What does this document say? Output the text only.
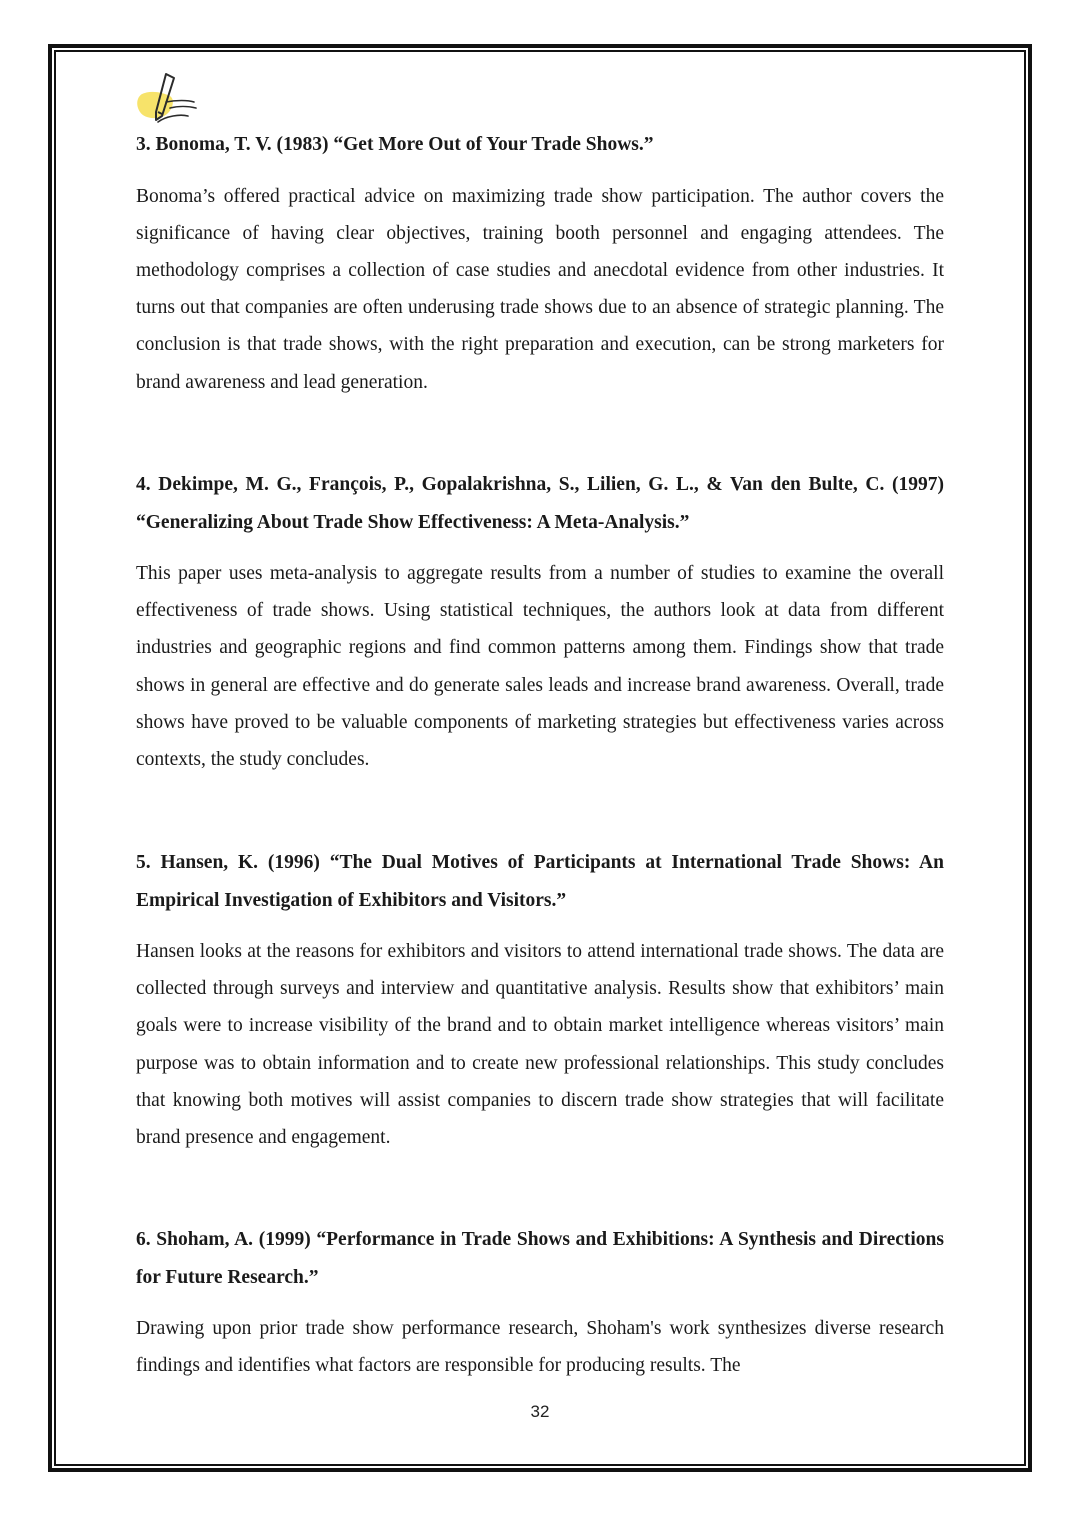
3. Bonoma, T. V. (1983) “Get More Out of Your Trade Shows.”

Bonoma’s offered practical advice on maximizing trade show participation. The author covers the significance of having clear objectives, training booth personnel and engaging attendees. The methodology comprises a collection of case studies and anecdotal evidence from other industries. It turns out that companies are often underusing trade shows due to an absence of strategic planning. The conclusion is that trade shows, with the right preparation and execution, can be strong marketers for brand awareness and lead generation.

4. Dekimpe, M. G., François, P., Gopalakrishna, S., Lilien, G. L., & Van den Bulte, C. (1997) “Generalizing About Trade Show Effectiveness: A Meta-Analysis.”

This paper uses meta-analysis to aggregate results from a number of studies to examine the overall effectiveness of trade shows. Using statistical techniques, the authors look at data from different industries and geographic regions and find common patterns among them. Findings show that trade shows in general are effective and do generate sales leads and increase brand awareness. Overall, trade shows have proved to be valuable components of marketing strategies but effectiveness varies across contexts, the study concludes.

5. Hansen, K. (1996) “The Dual Motives of Participants at International Trade Shows: An Empirical Investigation of Exhibitors and Visitors.”

Hansen looks at the reasons for exhibitors and visitors to attend international trade shows. The data are collected through surveys and interview and quantitative analysis. Results show that exhibitors’ main goals were to increase visibility of the brand and to obtain market intelligence whereas visitors’ main purpose was to obtain information and to create new professional relationships. This study concludes that knowing both motives will assist companies to discern trade show strategies that will facilitate brand presence and engagement.

6. Shoham, A. (1999) “Performance in Trade Shows and Exhibitions: A Synthesis and Directions for Future Research.”

Drawing upon prior trade show performance research, Shoham's work synthesizes diverse research findings and identifies what factors are responsible for producing results. The

32
